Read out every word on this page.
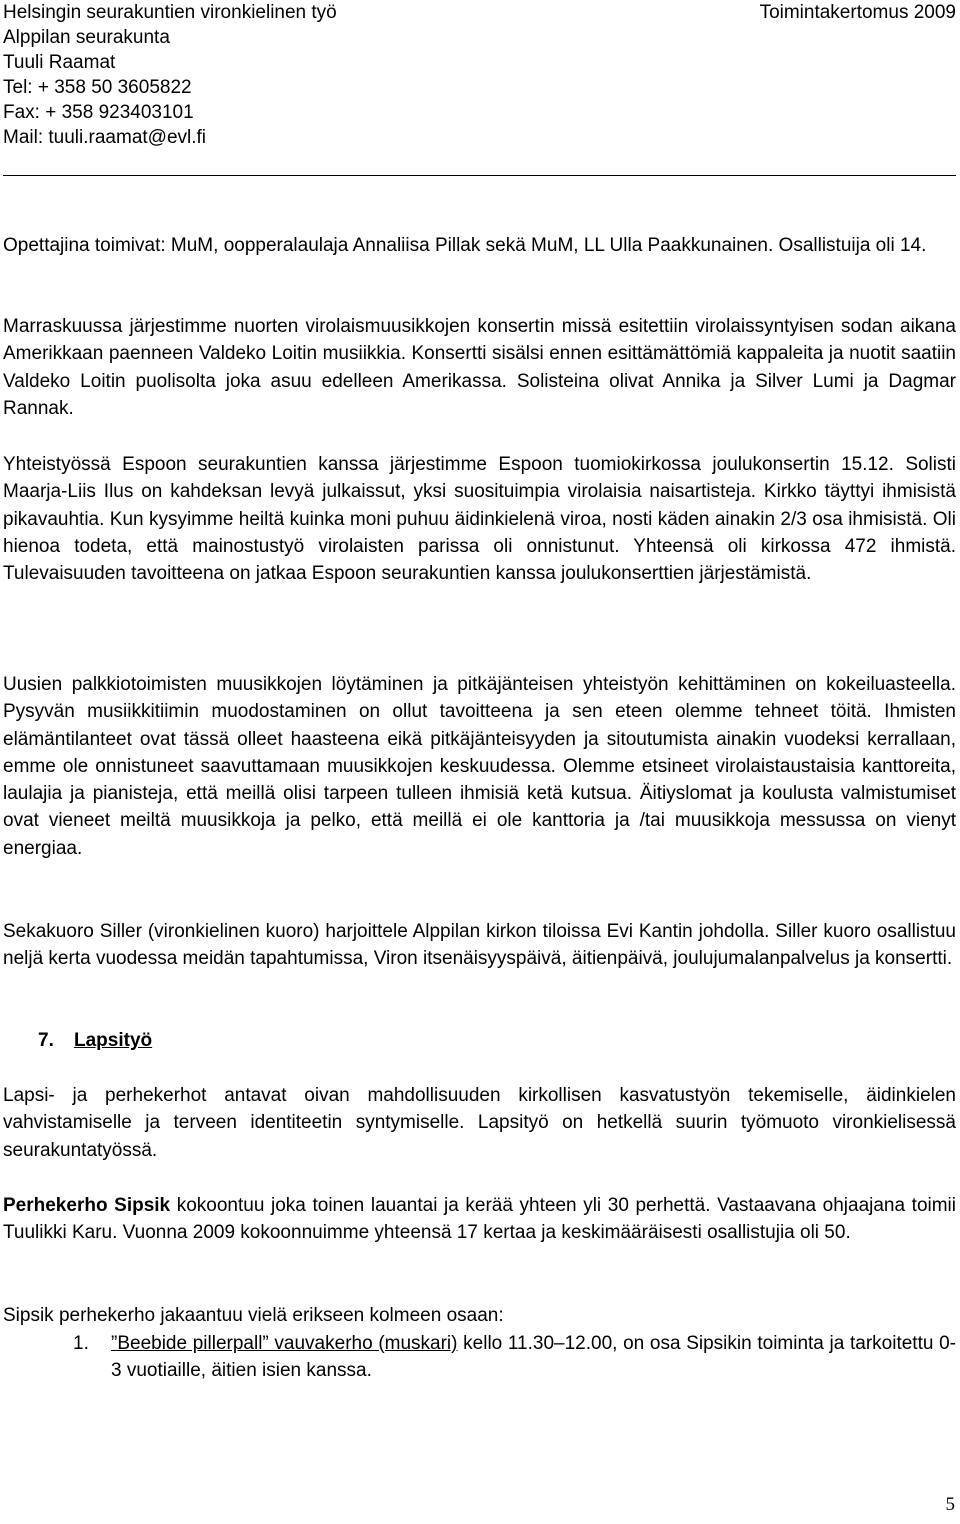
Helsingin seurakuntien vironkielinen työ	Toimintakertomus 2009
Alppilan seurakunta
Tuuli Raamat
Tel: + 358 50 3605822
Fax: + 358 923403101
Mail: tuuli.raamat@evl.fi

Opettajina toimivat: MuM, oopperalaulaja Annaliisa Pillak sekä MuM, LL Ulla Paakkunainen. Osallistuija oli 14.

Marraskuussa järjestimme nuorten virolaismuusikkojen konsertin missä esitettiin virolaissyntyisen sodan aikana Amerikkaan paenneen Valdeko Loitin musiikkia. Konsertti sisälsi ennen esittämättömiä kappaleita ja nuotit saatiin Valdeko Loitin puolisolta joka asuu edelleen Amerikassa. Solisteina olivat Annika ja Silver Lumi ja Dagmar Rannak.

Yhteistyössä Espoon seurakuntien kanssa järjestimme Espoon tuomiokirkossa joulukonsertin 15.12. Solisti Maarja-Liis Ilus on kahdeksan levyä julkaissut, yksi suosituimpia virolaisia naisartisteja. Kirkko täyttyi ihmisistä pikavauhtia. Kun kysyimme heiltä kuinka moni puhuu äidinkielenä viroa, nosti käden ainakin 2/3 osa ihmisistä. Oli hienoa todeta, että mainostustyö virolaisten parissa oli onnistunut. Yhteensä oli kirkossa 472 ihmistä. Tulevaisuuden tavoitteena on jatkaa Espoon seurakuntien kanssa joulukonserttien järjestämistä.

Uusien palkkiotoimisten muusikkojen löytäminen ja pitkäjänteisen yhteistyön kehittäminen on kokeiluasteella. Pysyvän musiikkitiimin muodostaminen on ollut tavoitteena ja sen eteen olemme tehneet töitä. Ihmisten elämäntilanteet ovat tässä olleet haasteena eikä pitkäjänteisyyden ja sitoutumista ainakin vuodeksi kerrallaan, emme ole onnistuneet saavuttamaan muusikkojen keskuudessa. Olemme etsineet virolaistaustaisia kanttoreita, laulajia ja pianisteja, että meillä olisi tarpeen tulleen ihmisiä ketä kutsua. Äitiyslomat ja koulusta valmistumiset ovat vieneet meiltä muusikkoja ja pelko, että meillä ei ole kanttoria ja /tai muusikkoja messussa on vienyt energiaa.

Sekakuoro Siller (vironkielinen kuoro) harjoittele Alppilan kirkon tiloissa Evi Kantin johdolla. Siller kuoro osallistuu neljä kerta vuodessa meidän tapahtumissa, Viron itsenäisyyspäivä, äitienpäivä, joulujumalanpalvelus ja konsertti.

7. Lapsityö

Lapsi- ja perhekerhot antavat oivan mahdollisuuden kirkollisen kasvatustyön tekemiselle, äidinkielen vahvistamiselle ja terveen identiteetin syntymiselle. Lapsityö on hetkellä suurin työmuoto vironkielisessä seurakuntatyössä.

Perhekerho Sipsik kokoontuu joka toinen lauantai ja kerää yhteen yli 30 perhettä. Vastaavana ohjaajana toimii Tuulikki Karu. Vuonna 2009 kokoonnuimme yhteensä 17 kertaa ja keskimääräisesti osallistujia oli 50.

Sipsik perhekerho jakaantuu vielä erikseen kolmeen osaan:

1. ”Beebide pillerpall” vauvakerho (muskari) kello 11.30–12.00, on osa Sipsikin toiminta ja tarkoitettu 0-3 vuotiaille, äitien isien kanssa.
5
